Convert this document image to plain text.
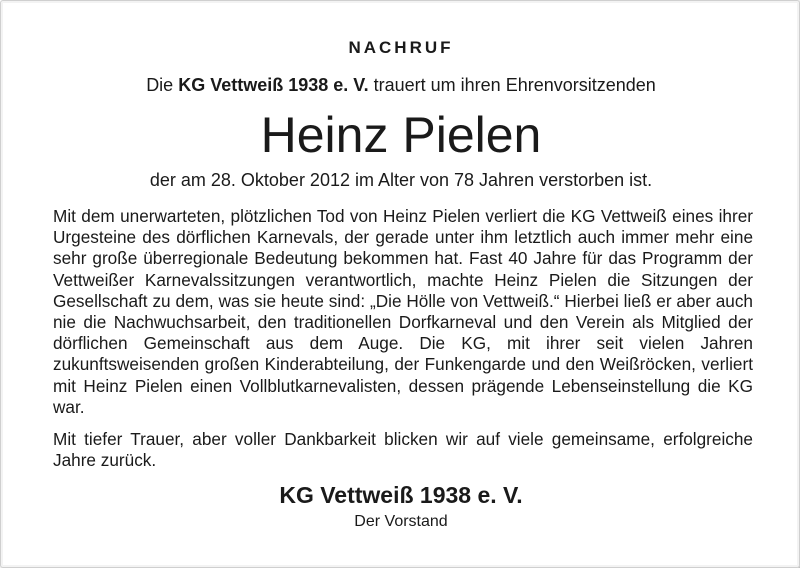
NACHRUF
Die KG Vettweiß 1938 e. V. trauert um ihren Ehrenvorsitzenden
Heinz Pielen
der am 28. Oktober 2012 im Alter von 78 Jahren verstorben ist.

Mit dem unerwarteten, plötzlichen Tod von Heinz Pielen verliert die KG Vettweiß eines ihrer Urgesteine des dörflichen Karnevals, der gerade unter ihm letztlich auch immer mehr eine sehr große überregionale Bedeutung bekommen hat. Fast 40 Jahre für das Programm der Vettweißer Karnevalssitzungen verantwortlich, machte Heinz Pielen die Sitzungen der Gesellschaft zu dem, was sie heute sind: „Die Hölle von Vettweiß.“ Hierbei ließ er aber auch nie die Nachwuchsarbeit, den traditionellen Dorfkarneval und den Verein als Mitglied der dörflichen Gemeinschaft aus dem Auge. Die KG, mit ihrer seit vielen Jahren zukunftsweisenden großen Kinderabteilung, der Funkengarde und den Weißröcken, verliert mit Heinz Pielen einen Vollblutkarnevalisten, dessen prägende Lebenseinstellung die KG war.

Mit tiefer Trauer, aber voller Dankbarkeit blicken wir auf viele gemeinsame, erfolgreiche Jahre zurück.

KG Vettweiß 1938 e. V.
Der Vorstand
